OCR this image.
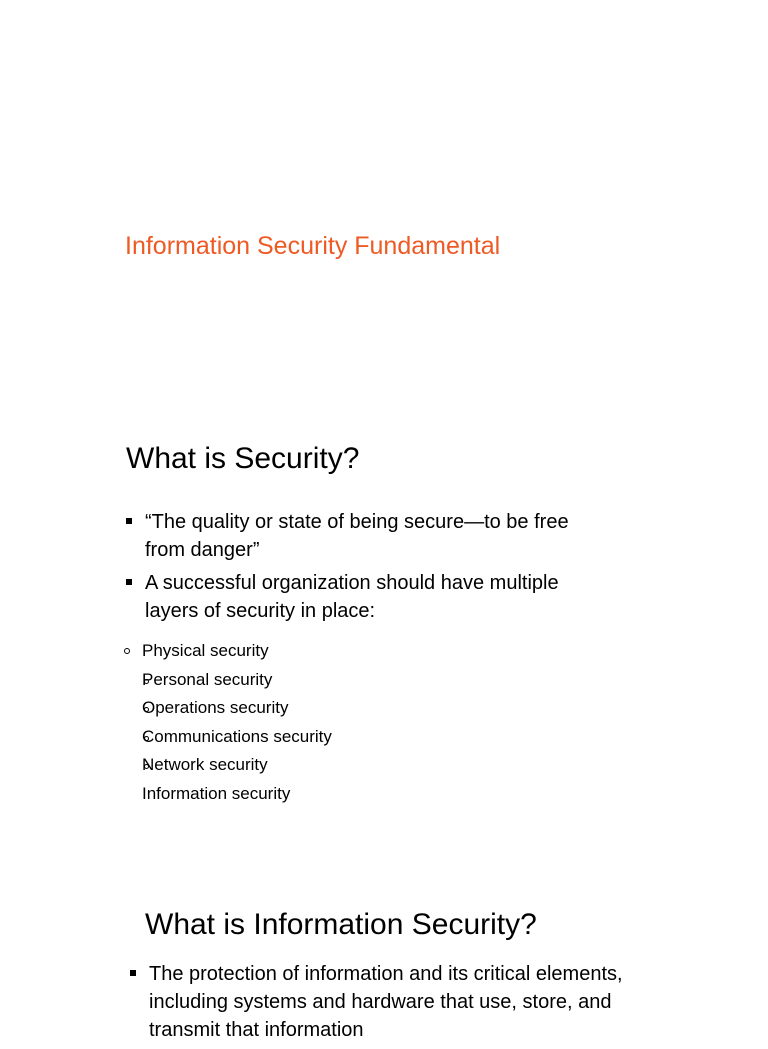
Information Security Fundamental
What is Security?
“The quality or state of being secure—to be free from danger”
A successful organization should have multiple layers of security in place:
Physical security
Personal security
Operations security
Communications security
Network security
Information security
What is Information Security?
The protection of information and its critical elements, including systems and hardware that use, store, and transmit that information
